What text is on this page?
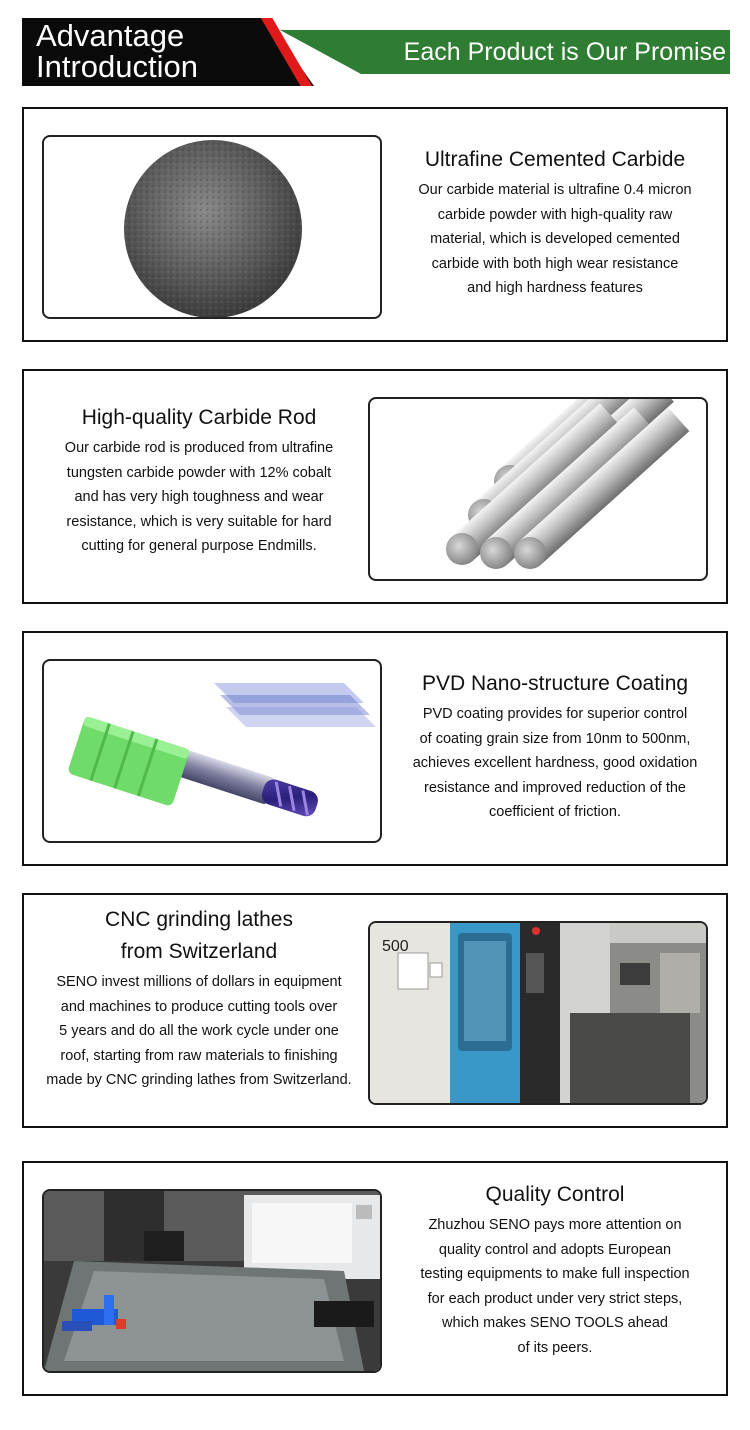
Advantage
Introduction	Each Product is Our Promise
Ultrafine Cemented Carbide
Our carbide material is ultrafine 0.4 micron
carbide powder with high-quality raw
material, which is developed cemented
carbide with both high wear resistance
and high hardness features
High-quality Carbide Rod
Our carbide rod is produced from ultrafine
tungsten carbide powder with 12% cobalt
and has very high toughness and wear
resistance, which is very suitable for hard
cutting for general purpose Endmills.
PVD Nano-structure Coating
PVD coating provides for superior control
of coating grain size from 10nm to 500nm,
achieves excellent hardness, good oxidation
resistance and improved reduction of the
coefficient of friction.
CNC grinding lathes
from Switzerland
SENO invest millions of dollars in equipment
and machines to produce cutting tools over
5 years and do all the work cycle under one
roof, starting from raw materials to finishing
made by CNC grinding lathes from Switzerland.
500
Quality Control
Zhuzhou SENO pays more attention on
quality control and adopts European
testing equipments to make full inspection
for each product under very strict steps,
which makes SENO TOOLS ahead
of its peers.
